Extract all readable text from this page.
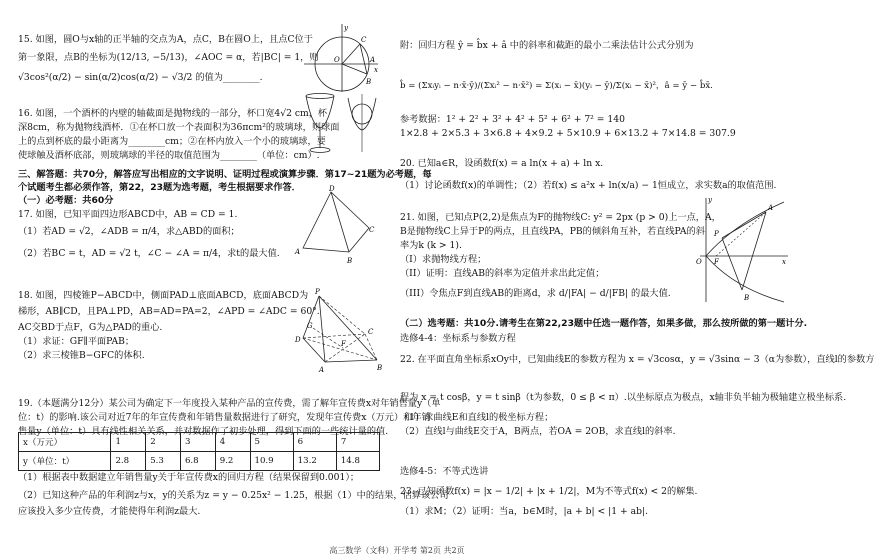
15. 如图，圆O与x轴的正半轴的交点为A，点C，B在圆O上，且点C位于
第一象限，点B的坐标为(12/13, −5/13)，∠AOC = α，若|BC| = 1，则
√3cos²(α/2) − sin(α/2)cos(α/2) − √3/2 的值为________.
16. 如图，一个酒杯的内壁的轴截面是抛物线的一部分，杯口宽4√2 cm，杯
深8cm，称为抛物线酒杯．①在杯口放一个表面积为36πcm²的玻璃球，则球面
上的点到杯底的最小距离为________cm；②在杯内放入一个小的玻璃球，要
使球触及酒杯底部，则玻璃球的半径的取值范围为________（单位：cm）.
三、解答题：共70分，解答应写出相应的文字说明、证明过程或演算步骤．第17~21题为必考题，每
个试题考生都必须作答，第22，23题为选考题，考生根据要求作答．
（一）必考题：共60分
17. 如图，已知平面四边形ABCD中，AB = CD = 1.
（1）若AD = √2，∠ADB = π/4，求△ABD的面积；
（2）若BC = t，AD = √2 t，∠C − ∠A = π/4，求t的最大值.
18. 如图，四棱锥P−ABCD中，侧面PAD⊥底面ABCD，底面ABCD为
梯形，AB∥CD，且PA⊥PD，AB=AD=PA=2，∠APD = ∠ADC = 60°.
AC交BD于点F，G为△PAD的重心.
（1）求证：GF∥平面PAB；
（2）求三棱锥B−GFC的体积.
19.（本题满分12分）某公司为确定下一年度投入某种产品的宣传费，需了解年宣传费x对年销售量y（单
位：t）的影响.该公司对近7年的年宣传费和年销售量数据进行了研究，发现年宣传费x（万元）和年销
售量y（单位：t）具有线性相关关系，并对数据作了初步处理，得到下面的一些统计量的值.
x（万元）	1	2	3	4	5	6	7
y（单位：t）	2.8	5.3	6.8	9.2	10.9	13.2	14.8
（1）根据表中数据建立年销售量y关于年宣传费x的回归方程（结果保留到0.001）；
（2）已知这种产品的年利润z与x，y的关系为z = y − 0.25x² − 1.25，根据（1）中的结果，估算该公司
应该投入多少宣传费，才能使得年利润z最大.
y
C
O	A
x
B
D
A
B
C
P
G
D
C
F
A	B
附：回归方程 ŷ = b̂x + â 中的斜率和截距的最小二乘法估计公式分别为
b̂ = (Σxᵢyᵢ − n·x̄·ȳ)/(Σxᵢ² − n·x̄²) = Σ(xᵢ − x̄)(yᵢ − ȳ)/Σ(xᵢ − x̄)²，â = ȳ − b̂x̄.
参考数据：1² + 2² + 3² + 4² + 5² + 6² + 7² = 140
1×2.8 + 2×5.3 + 3×6.8 + 4×9.2 + 5×10.9 + 6×13.2 + 7×14.8 = 307.9
20. 已知a∈R，设函数f(x) = a ln(x + a) + ln x.
（1）讨论函数f(x)的单调性；（2）若f(x) ≤ a²x + ln(x/a) − 1恒成立，求实数a的取值范围.
21. 如图，已知点P(2,2)是焦点为F的抛物线C: y² = 2px (p > 0)上一点，A，
B是抛物线C上异于P的两点，且直线PA，PB的倾斜角互补，若直线PA的斜
率为k (k > 1).
（I）求抛物线方程；
（II）证明：直线AB的斜率为定值并求出此定值；
（III）令焦点F到直线AB的距离d，求 d/|FA| − d/|FB| 的最大值.
（二）选考题：共10分.请考生在第22,23题中任选一题作答，如果多做，那么按所做的第一题计分.
选修4-4：坐标系与参数方程
22. 在平面直角坐标系xOy中，已知曲线E的参数方程为 x = √3cosα，y = √3sinα − 3（α为参数），直线l的参数方
程为 x = t cosβ，y = t sinβ（t为参数，0 ≤ β < π）.以坐标原点为极点，x轴非负半轴为极轴建立极坐标系.
（1）求曲线E和直线l的极坐标方程；
（2）直线l与曲线E交于A，B两点，若OA = 2OB，求直线l的斜率.
选修4-5：不等式选讲
23. 已知函数f(x) = |x − 1/2| + |x + 1/2|，M为不等式f(x) < 2的解集.
（1）求M；（2）证明：当a，b∈M时，|a + b| < |1 + ab|.
y
P
A
O F	x
B
高三数学（文科）开学考 第2页 共2页
